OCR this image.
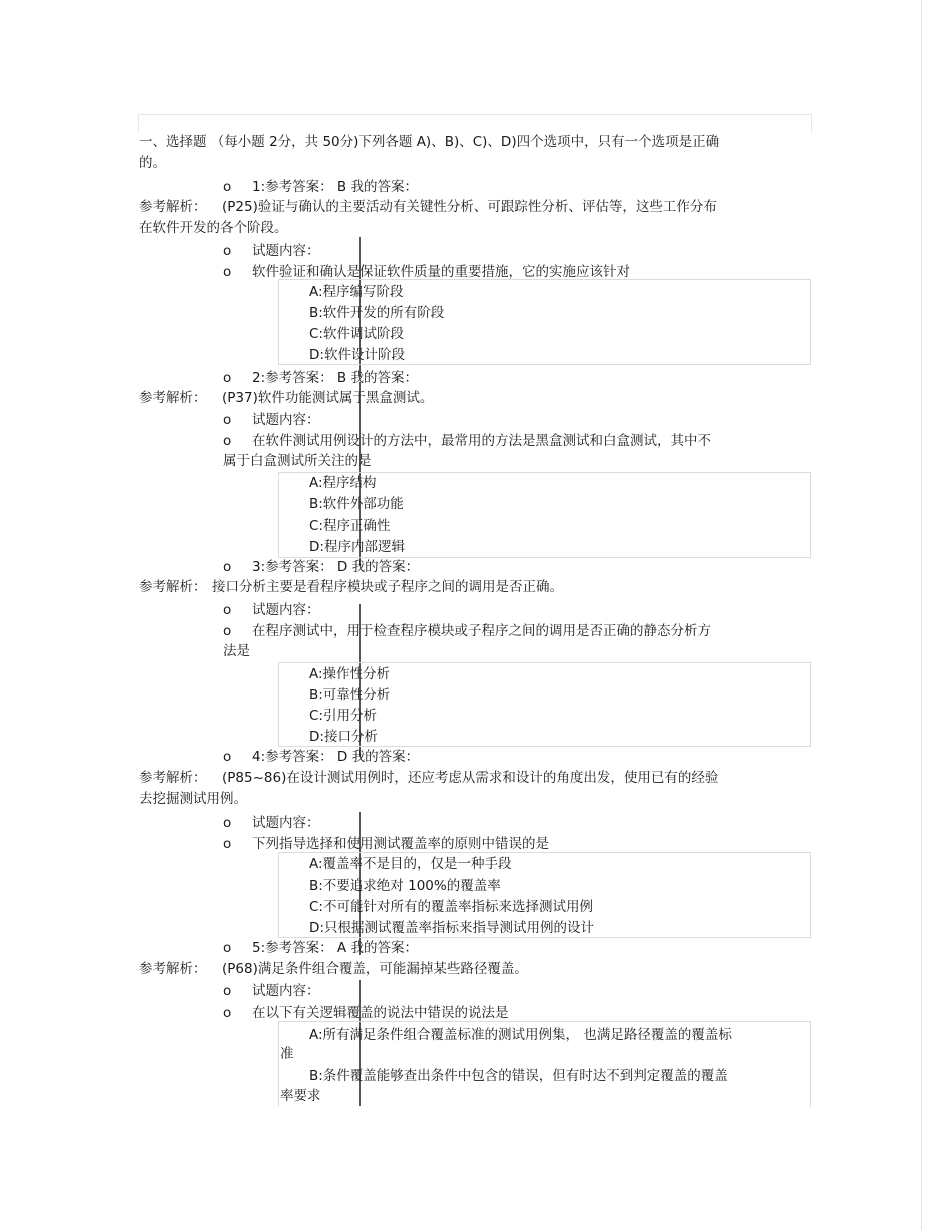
一、选择题 （每小题 2分，共 50分)下列各题 A)、B)、C)、D)四个选项中，只有一个选项是正确
的。
o 1:参考答案： B 我的答案：
参考解析： (P25)验证与确认的主要活动有关键性分析、可跟踪性分析、评估等，这些工作分布
在软件开发的各个阶段。
o 试题内容：
o 软件验证和确认是保证软件质量的重要措施，它的实施应该针对
A:程序编写阶段
B:软件开发的所有阶段
C:软件调试阶段
D:软件设计阶段
o 2:参考答案： B 我的答案：
参考解析： (P37)软件功能测试属于黑盒测试。
o 试题内容：
o 在软件测试用例设计的方法中，最常用的方法是黑盒测试和白盒测试，其中不
属于白盒测试所关注的是
A:程序结构
B:软件外部功能
C:程序正确性
D:程序内部逻辑
o 3:参考答案： D 我的答案：
参考解析： 接口分析主要是看程序模块或子程序之间的调用是否正确。
o 试题内容：
o 在程序测试中，用于检查程序模块或子程序之间的调用是否正确的静态分析方
法是
A:操作性分析
B:可靠性分析
C:引用分析
D:接口分析
o 4:参考答案： D 我的答案：
参考解析： (P85~86)在设计测试用例时，还应考虑从需求和设计的角度出发，使用已有的经验
去挖掘测试用例。
o 试题内容：
o 下列指导选择和使用测试覆盖率的原则中错误的是
A:覆盖率不是目的，仅是一种手段
B:不要追求绝对 100%的覆盖率
C:不可能针对所有的覆盖率指标来选择测试用例
D:只根据测试覆盖率指标来指导测试用例的设计
o 5:参考答案： A 我的答案：
参考解析： (P68)满足条件组合覆盖，可能漏掉某些路径覆盖。
o 试题内容：
o 在以下有关逻辑覆盖的说法中错误的说法是
A:所有满足条件组合覆盖标准的测试用例集， 也满足路径覆盖的覆盖标
准
B:条件覆盖能够查出条件中包含的错误，但有时达不到判定覆盖的覆盖
率要求
